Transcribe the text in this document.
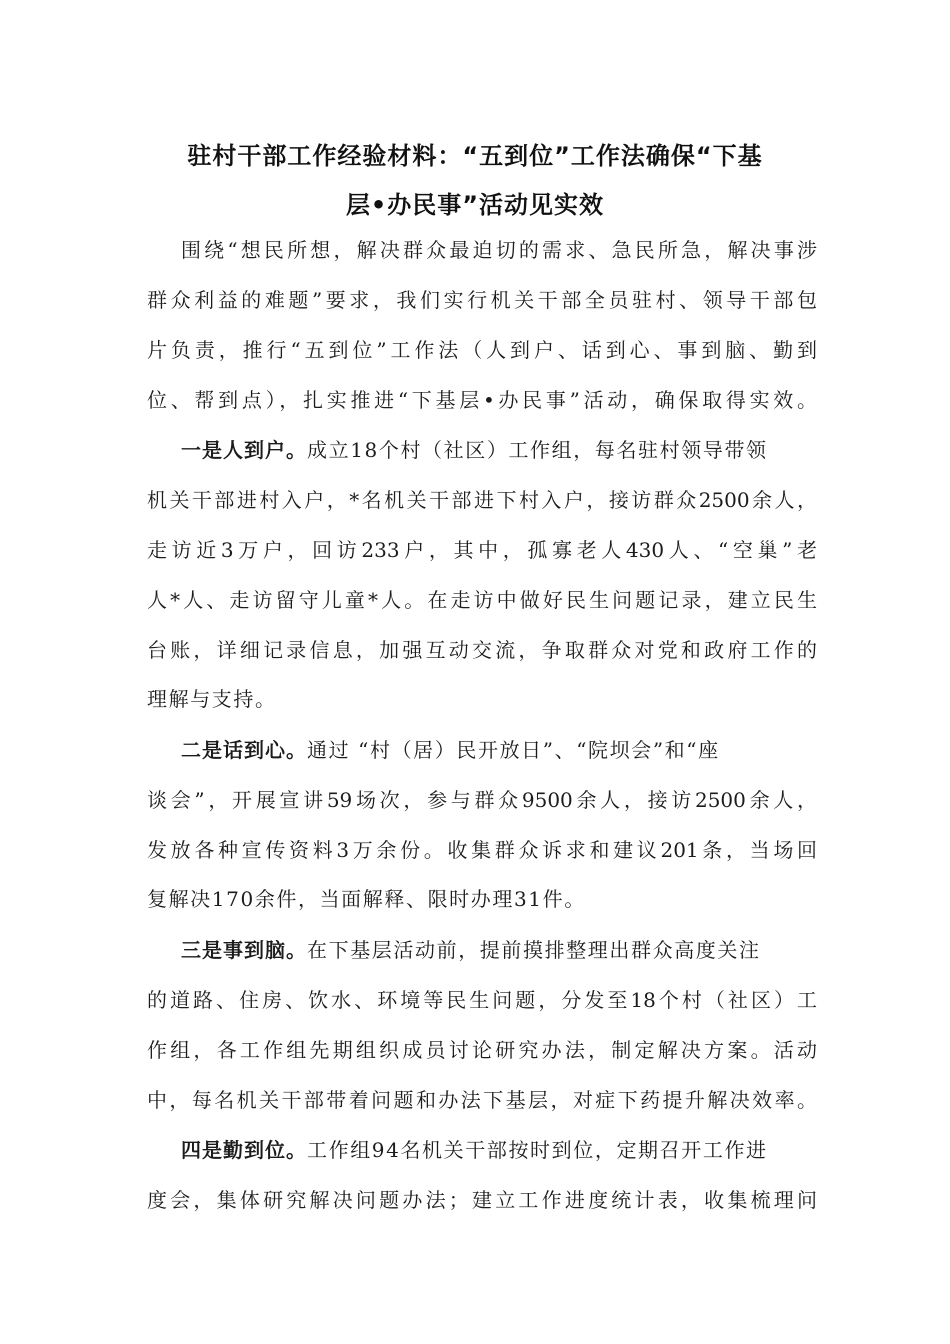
驻村干部工作经验材料：“五到位”工作法确保“下基
层•办民事”活动见实效
围绕“想民所想，解决群众最迫切的需求、急民所急，解决事涉
群众利益的难题”要求，我们实行机关干部全员驻村、领导干部包
片负责，推行“五到位”工作法（人到户、话到心、事到脑、勤到
位、帮到点），扎实推进“下基层•办民事”活动，确保取得实效。
一是人到户。成立18个村（社区）工作组，每名驻村领导带领
机关干部进村入户，*名机关干部进下村入户，接访群众2500余人，
走访近3万户，回访233户，其中，孤寡老人430人、“空巢”老
人*人、走访留守儿童*人。在走访中做好民生问题记录，建立民生
台账，详细记录信息，加强互动交流，争取群众对党和政府工作的
理解与支持。
二是话到心。通过 “村（居）民开放日”、“院坝会”和“座
谈会”，开展宣讲59场次，参与群众9500余人，接访2500余人，
发放各种宣传资料3万余份。收集群众诉求和建议201条，当场回
复解决170余件，当面解释、限时办理31件。
三是事到脑。在下基层活动前，提前摸排整理出群众高度关注
的道路、住房、饮水、环境等民生问题，分发至18个村（社区）工
作组，各工作组先期组织成员讨论研究办法，制定解决方案。活动
中，每名机关干部带着问题和办法下基层，对症下药提升解决效率。
四是勤到位。工作组94名机关干部按时到位，定期召开工作进
度会，集体研究解决问题办法；建立工作进度统计表，收集梳理问
